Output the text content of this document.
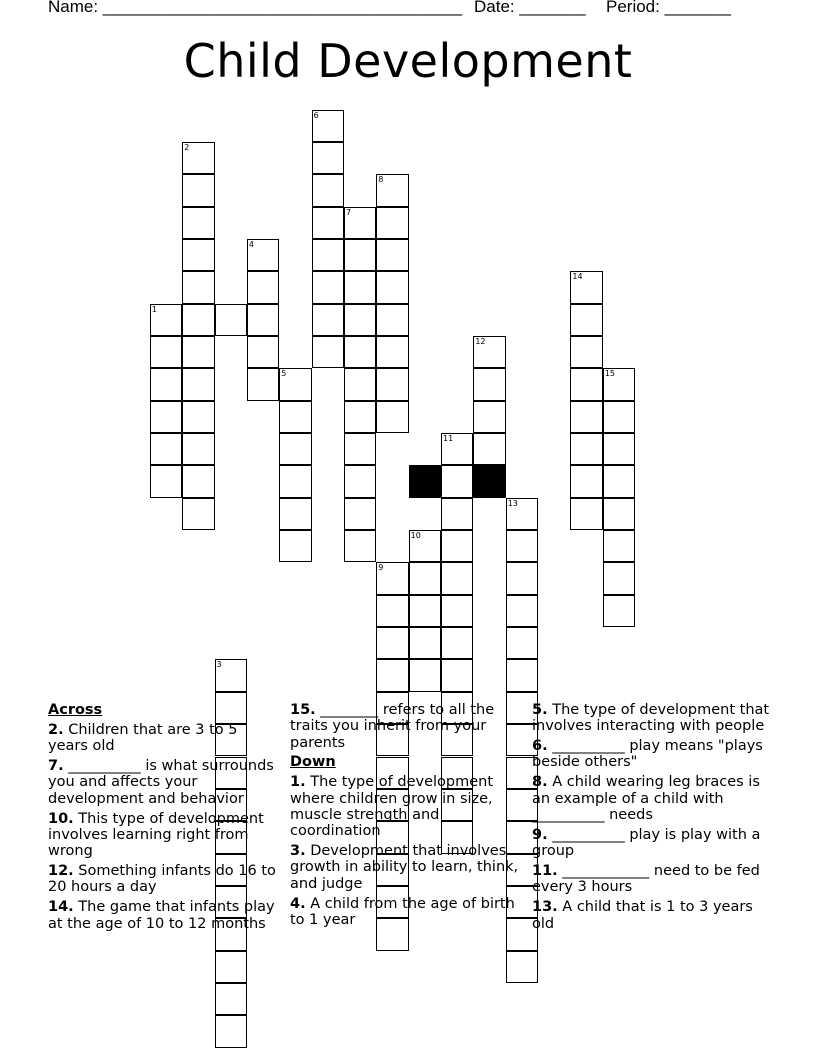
Name: ______________________________________ Date: _______ Period: _______
Child Development
1
2
3
4
5
6
7
8
9
10
11
12
13
14
15
Across
2. Children that are 3 to 5 years old
7. __________ is what surrounds you and affects your development and behavior
10. This type of development involves learning right from wrong
12. Something infants do 16 to 20 hours a day
14. The game that infants play at the age of 10 to 12 months
15. ________ refers to all the traits you inherit from your parents
Down
1. The type of development where children grow in size, muscle strength and coordination
3. Development that involves growth in ability to learn, think, and judge
4. A child from the age of birth to 1 year
5. The type of development that involves interacting with people
6. __________ play means "plays beside others"
8. A child wearing leg braces is an example of a child with __________ needs
9. __________ play is play with a group
11. ____________ need to be fed every 3 hours
13. A child that is 1 to 3 years old
